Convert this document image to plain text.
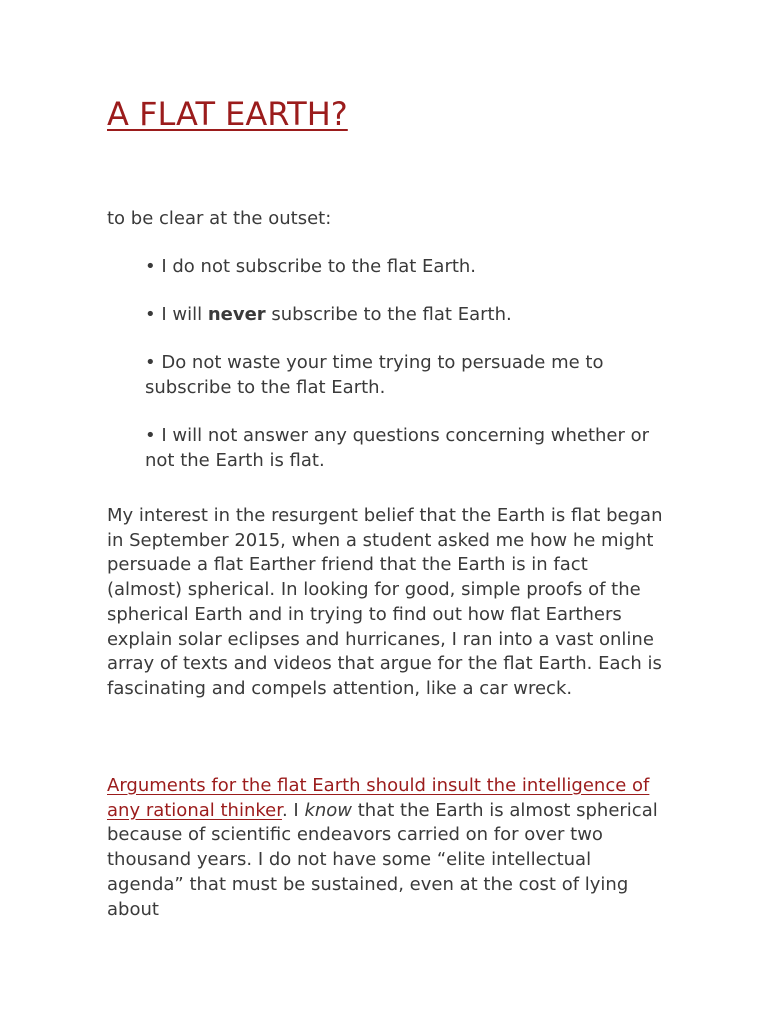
A FLAT EARTH?

to be clear at the outset:

• I do not subscribe to the flat Earth.
• I will never subscribe to the flat Earth.
• Do not waste your time trying to persuade me to subscribe to the flat Earth.
• I will not answer any questions concerning whether or not the Earth is flat.

My interest in the resurgent belief that the Earth is flat began in September 2015, when a student asked me how he might persuade a flat Earther friend that the Earth is in fact (almost) spherical. In looking for good, simple proofs of the spherical Earth and in trying to find out how flat Earthers explain solar eclipses and hurricanes, I ran into a vast online array of texts and videos that argue for the flat Earth. Each is fascinating and compels attention, like a car wreck.

Arguments for the flat Earth should insult the intelligence of any rational thinker. I know that the Earth is almost spherical because of scientific endeavors carried on for over two thousand years. I do not have some “elite intellectual agenda” that must be sustained, even at the cost of lying about
